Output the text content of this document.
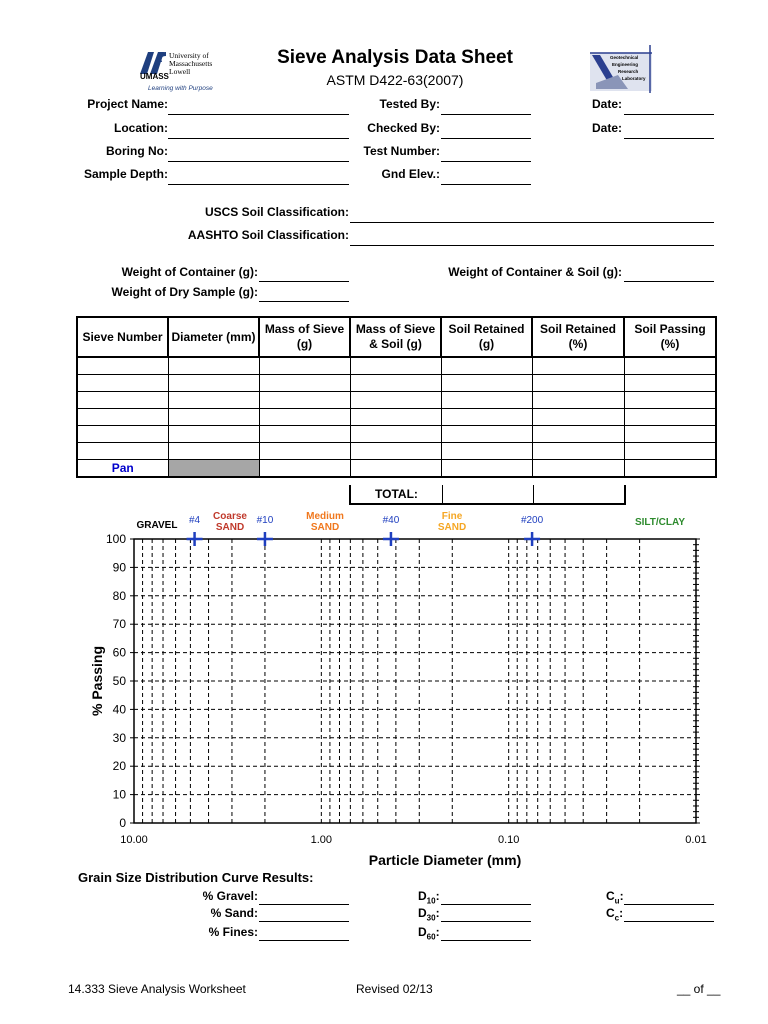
University of
Massachusetts
UMASS
Lowell
Learning with Purpose
Sieve Analysis Data Sheet
ASTM D422-63(2007)
Geotechnical
Engineering
Research
Laboratory
Project Name:
Location:
Boring No:
Sample Depth:
Tested By:
Checked By:
Test Number:
Gnd Elev.:
Date:
Date:
USCS Soil Classification:
AASHTO Soil Classification:
Weight of Container (g):
Weight of Dry Sample (g):
Weight of Container & Soil (g):
Sieve Number	Diameter (mm)	Mass of Sieve (g)	Mass of Sieve & Soil (g)	Soil Retained (g)	Soil Retained (%)	Soil Passing (%)

Pan						
TOTAL:
0
10
20
30
40
50
60
70
80
90
100
10.00	1.00	0.10	0.01
Particle Diameter (mm)
% Passing
#4	#10	#40	#200
GRAVEL
Coarse
SAND
Medium
SAND
Fine
SAND	SILT/CLAY
Grain Size Distribution Curve Results:
% Gravel:
% Sand:
% Fines:
$D_{10}$:
$D_{30}$:
$D_{60}$:
$C_u$:
$C_c$:
14.333 Sieve Analysis Worksheet	Revised 02/13	__ of __
